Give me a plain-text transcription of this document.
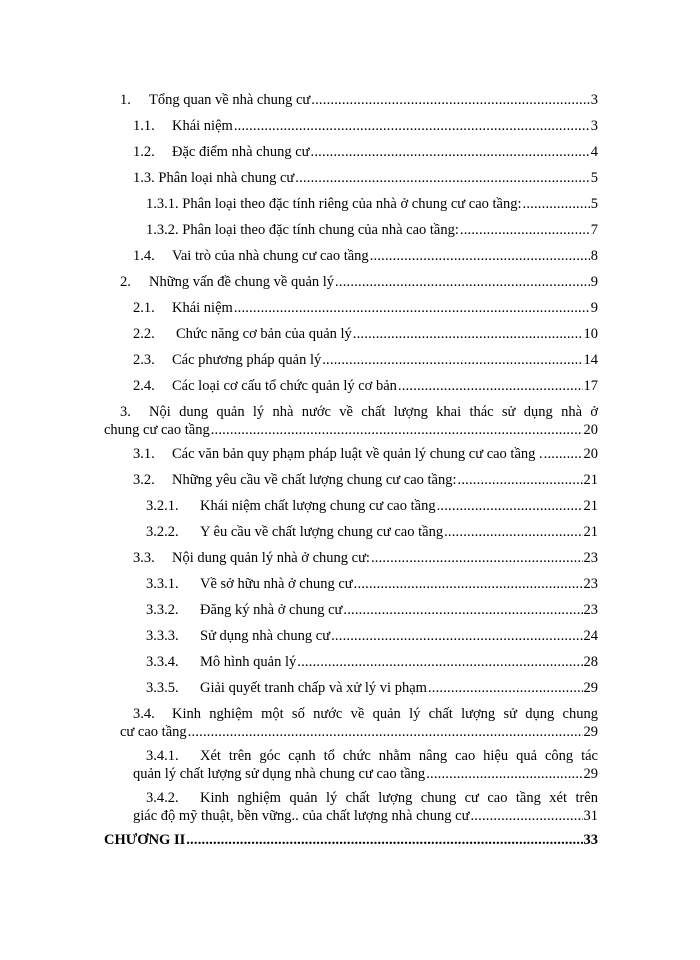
1. Tổng quan về nhà chung cư .....	3
1.1. Khái niệm .....	3
1.2. Đặc điểm nhà chung cư .....	4
1.3. Phân loại nhà chung cư .....	5
1.3.1. Phân loại theo đặc tính riêng của nhà ở chung cư cao tầng: .....	5
1.3.2. Phân loại theo đặc tính chung của nhà cao tầng: .....	7
1.4. Vai trò của nhà chung cư cao tầng .....	8
2. Những vấn đề chung về quản lý .....	9
2.1. Khái niệm .....	9
2.2. Chức năng cơ bản của quản lý .....	10
2.3. Các phương pháp quản lý .....	14
2.4. Các loại cơ cấu tổ chức quản lý cơ bản .....	17
3. Nội dung quản lý nhà nước về chất lượng khai thác sử dụng nhà ở
chung cư cao tầng .....	20
3.1. Các văn bản quy phạm pháp luật về quản lý chung cư cao tầng . .....	20
3.2. Những yêu cầu về chất lượng chung cư cao tầng: .....	21
3.2.1. Khái niệm chất lượng chung cư cao tầng .....	21
3.2.2. Y êu cầu về chất lượng chung cư cao tầng .....	21
3.3. Nội dung quản lý nhà ở chung cư: .....	23
3.3.1. Về sở hữu nhà ở chung cư .....	23
3.3.2. Đăng ký nhà ở chung cư .....	23
3.3.3. Sử dụng nhà chung cư .....	24
3.3.4. Mô hình quản lý .....	28
3.3.5. Giải quyết tranh chấp và xử lý vi phạm .....	29
3.4. Kinh nghiệm một số nước về quản lý chất lượng sử dụng chung
cư cao tầng .....	29
3.4.1. Xét trên góc cạnh tổ chức nhằm nâng cao hiệu quả công tác
quản lý chất lượng sử dụng nhà chung cư cao tầng .....	29
3.4.2. Kinh nghiệm quản lý chất lượng chung cư cao tầng xét trên
giác độ mỹ thuật, bền vững.. của chất lượng nhà chung cư .....	31
CHƯƠNG II .....	33
